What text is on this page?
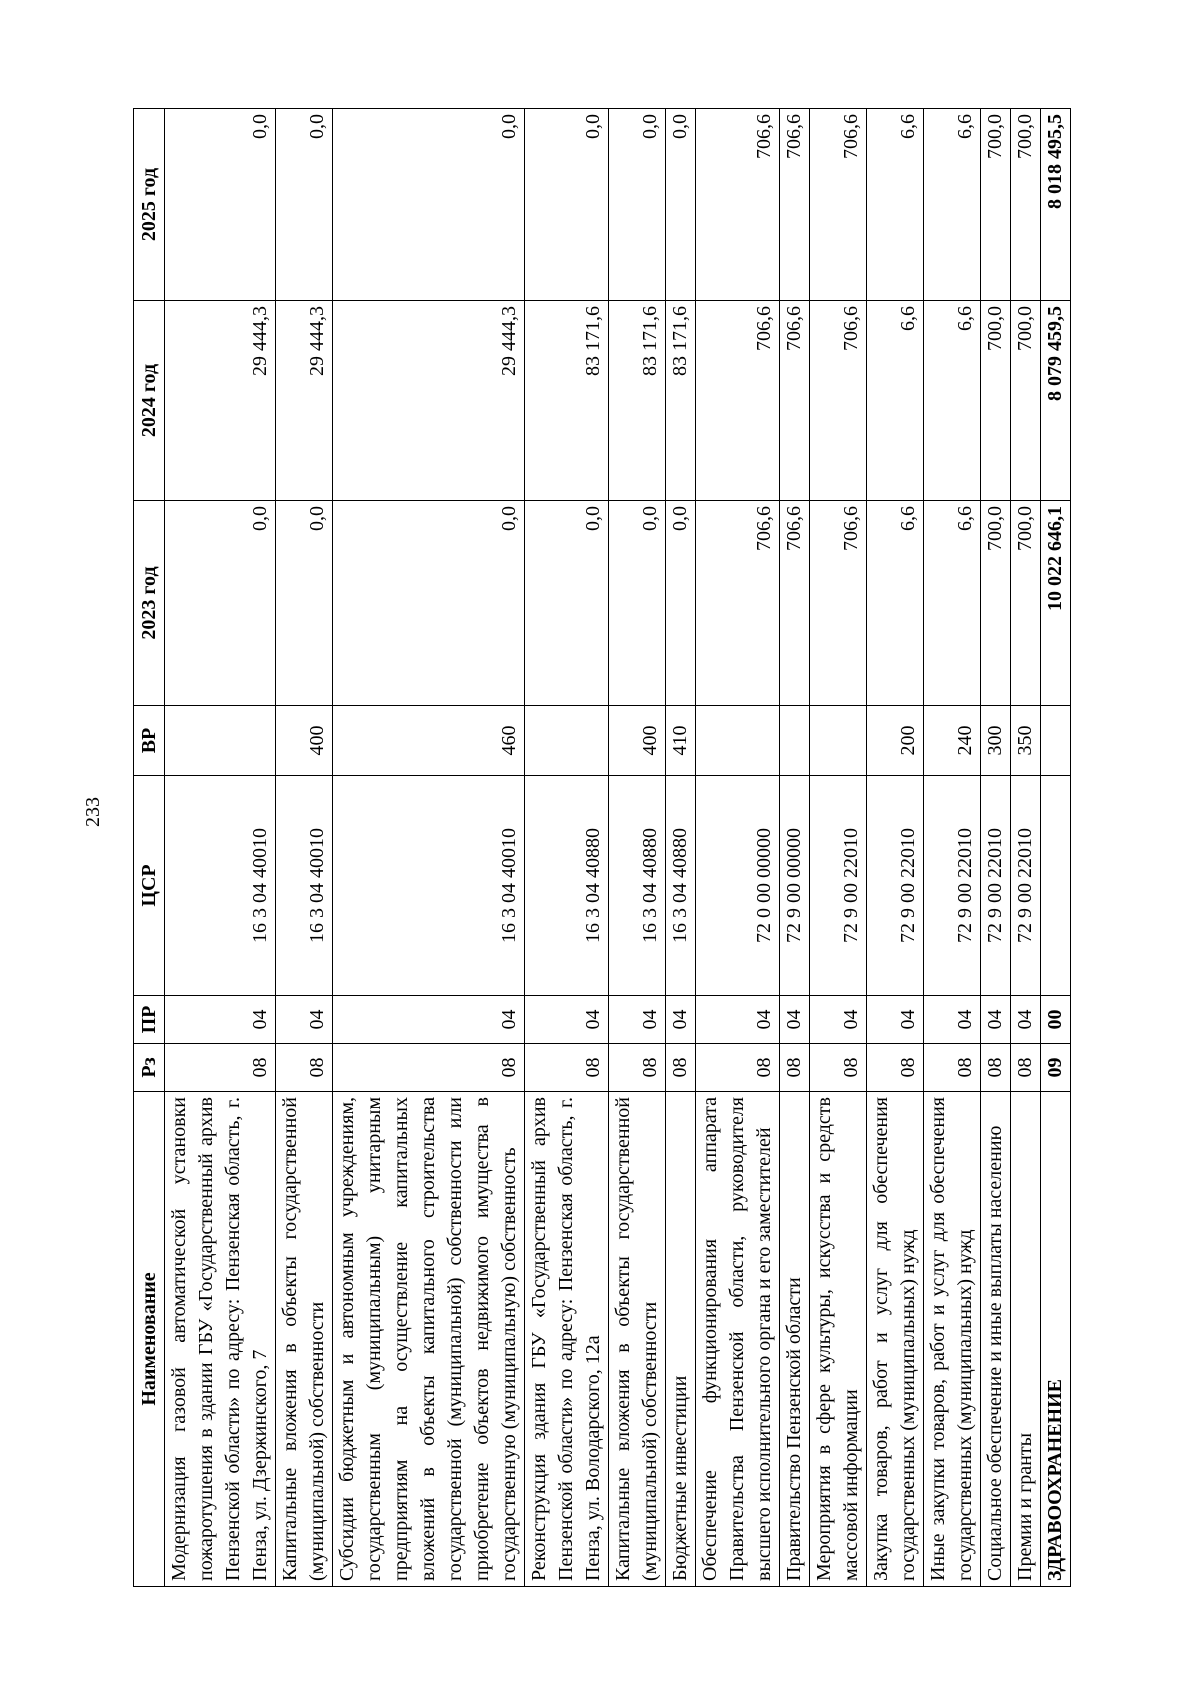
233
Наименование	Рз	ПР	ЦСР	ВР	2023 год	2024 год	2025 год
Модернизация газовой автоматической установки пожаротушения в здании ГБУ «Государственный архив Пензенской области» по адресу: Пензенская область, г. Пенза, ул. Дзержинского, 7	08	04	16 3 04 40010		0,0	29 444,3	0,0
Капитальные вложения в объекты государственной (муниципальной) собственности	08	04	16 3 04 40010	400	0,0	29 444,3	0,0
Субсидии бюджетным и автономным учреждениям, государственным (муниципальным) унитарным предприятиям на осуществление капитальных вложений в объекты капитального строительства государственной (муниципальной) собственности или приобретение объектов недвижимого имущества в государственную (муниципальную) собственность	08	04	16 3 04 40010	460	0,0	29 444,3	0,0
Реконструкция здания ГБУ «Государственный архив Пензенской области» по адресу: Пензенская область, г. Пенза, ул. Володарского, 12а	08	04	16 3 04 40880		0,0	83 171,6	0,0
Капитальные вложения в объекты государственной (муниципальной) собственности	08	04	16 3 04 40880	400	0,0	83 171,6	0,0
Бюджетные инвестиции	08	04	16 3 04 40880	410	0,0	83 171,6	0,0
Обеспечение функционирования аппарата Правительства Пензенской области, руководителя высшего исполнительного органа и его заместителей	08	04	72 0 00 00000		706,6	706,6	706,6
Правительство Пензенской области	08	04	72 9 00 00000		706,6	706,6	706,6
Мероприятия в сфере культуры, искусства и средств массовой информации	08	04	72 9 00 22010		706,6	706,6	706,6
Закупка товаров, работ и услуг для обеспечения государственных (муниципальных) нужд	08	04	72 9 00 22010	200	6,6	6,6	6,6
Иные закупки товаров, работ и услуг для обеспечения государственных (муниципальных) нужд	08	04	72 9 00 22010	240	6,6	6,6	6,6
Социальное обеспечение и иные выплаты населению	08	04	72 9 00 22010	300	700,0	700,0	700,0
Премии и гранты	08	04	72 9 00 22010	350	700,0	700,0	700,0
ЗДРАВООХРАНЕНИЕ	09	00			10 022 646,1	8 079 459,5	8 018 495,5
